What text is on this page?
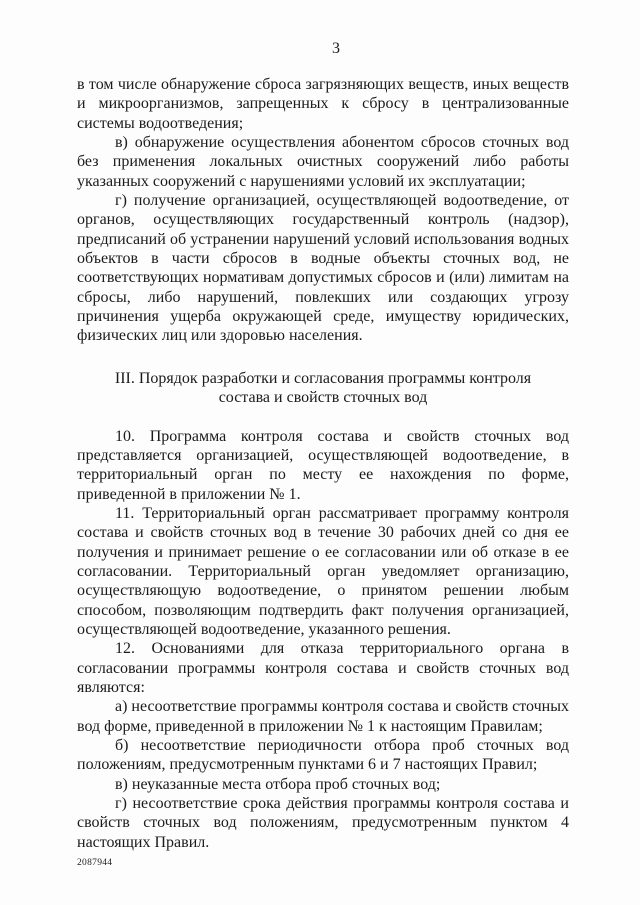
3

в том числе обнаружение сброса загрязняющих веществ, иных веществ и микроорганизмов, запрещенных к сбросу в централизованные системы водоотведения;

в) обнаружение осуществления абонентом сбросов сточных вод без применения локальных очистных сооружений либо работы указанных сооружений с нарушениями условий их эксплуатации;

г) получение организацией, осуществляющей водоотведение, от органов, осуществляющих государственный контроль (надзор), предписаний об устранении нарушений условий использования водных объектов в части сбросов в водные объекты сточных вод, не соответствующих нормативам допустимых сбросов и (или) лимитам на сбросы, либо нарушений, повлекших или создающих угрозу причинения ущерба окружающей среде, имуществу юридических, физических лиц или здоровью населения.

III. Порядок разработки и согласования программы контроля
состава и свойств сточных вод

10. Программа контроля состава и свойств сточных вод представляется организацией, осуществляющей водоотведение, в территориальный орган по месту ее нахождения по форме, приведенной в приложении № 1.

11. Территориальный орган рассматривает программу контроля состава и свойств сточных вод в течение 30 рабочих дней со дня ее получения и принимает решение о ее согласовании или об отказе в ее согласовании. Территориальный орган уведомляет организацию, осуществляющую водоотведение, о принятом решении любым способом, позволяющим подтвердить факт получения организацией, осуществляющей водоотведение, указанного решения.

12. Основаниями для отказа территориального органа в согласовании программы контроля состава и свойств сточных вод являются:

а) несоответствие программы контроля состава и свойств сточных вод форме, приведенной в приложении № 1 к настоящим Правилам;

б) несоответствие периодичности отбора проб сточных вод положениям, предусмотренным пунктами 6 и 7 настоящих Правил;

в) неуказанные места отбора проб сточных вод;

г) несоответствие срока действия программы контроля состава и свойств сточных вод положениям, предусмотренным пунктом 4 настоящих Правил.

2087944
